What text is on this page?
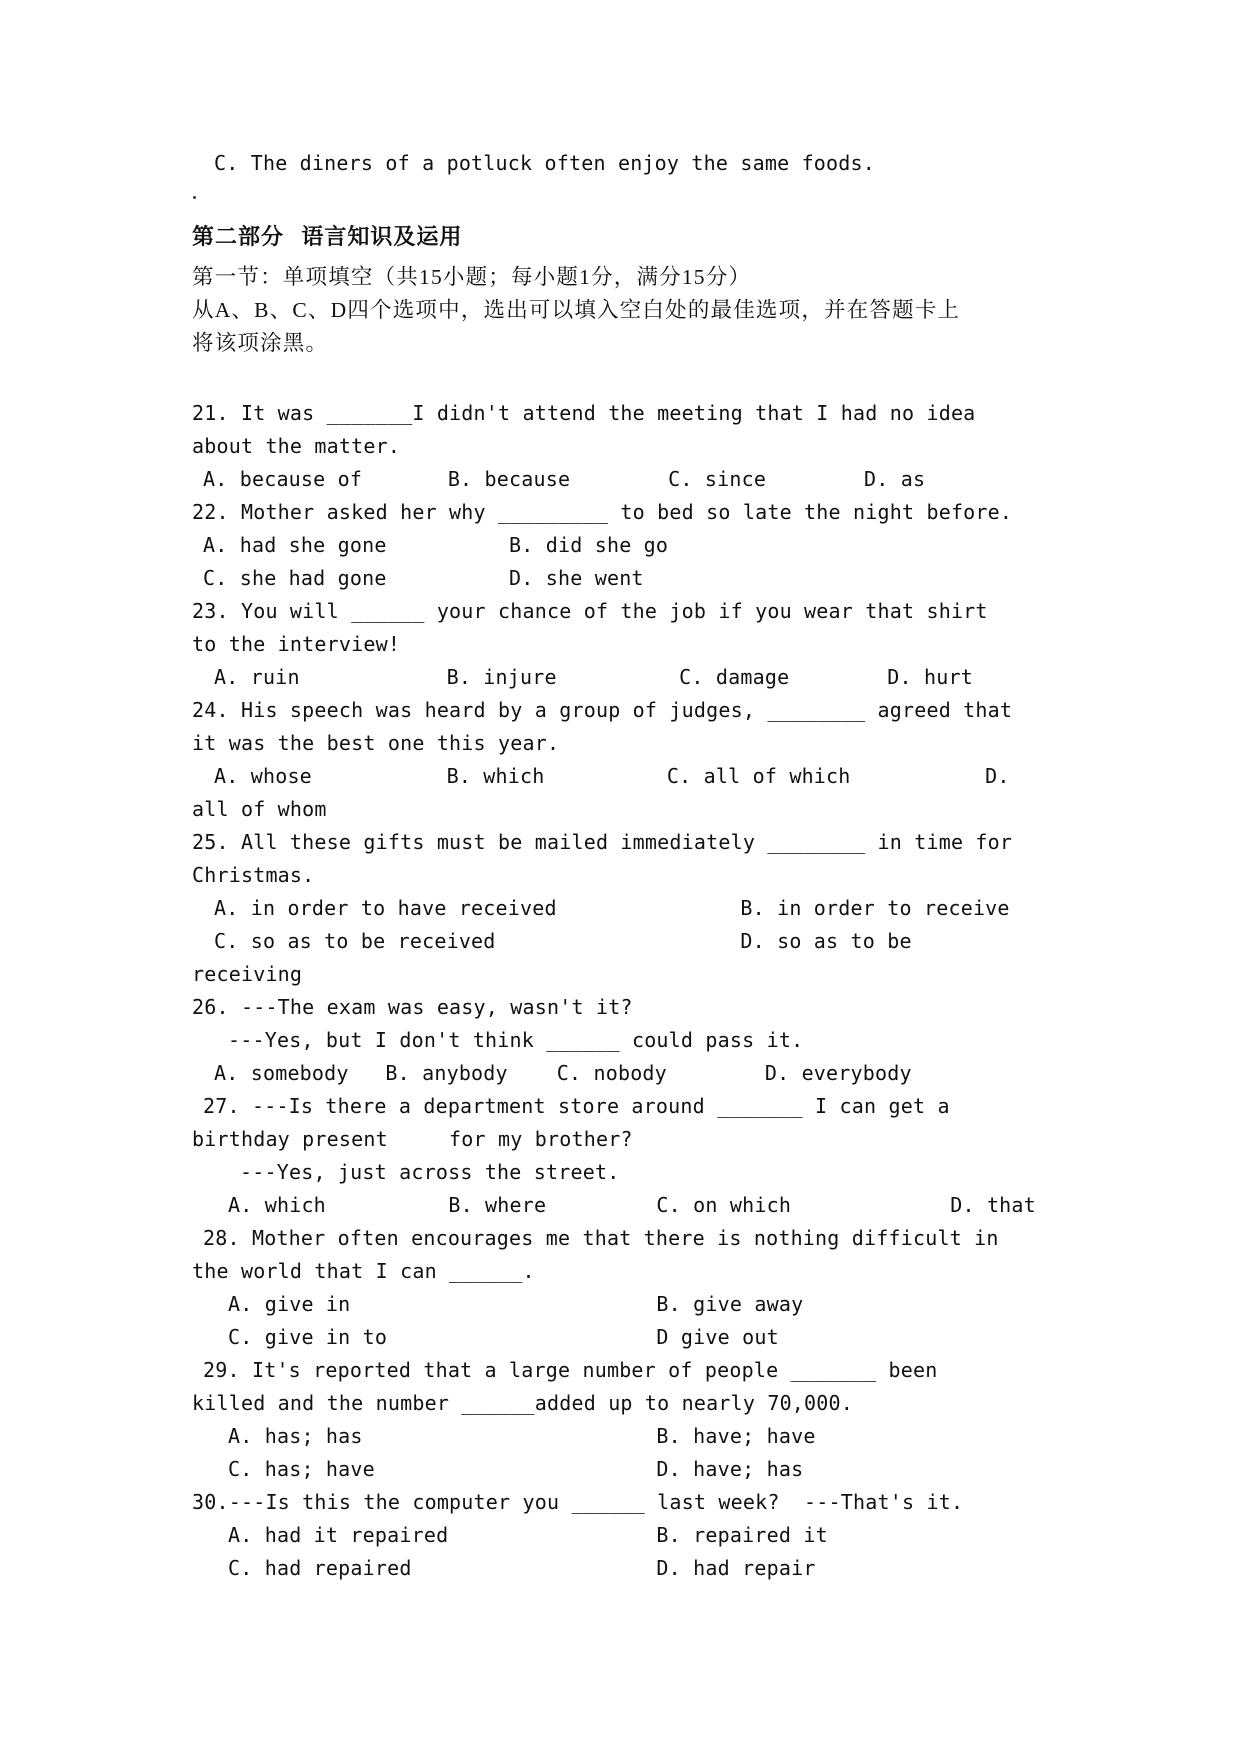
C. The diners of a potluck often enjoy the same foods.
第二部分  语言知识及运用
第一节：单项填空（共15小题；每小题1分，满分15分）
从A、B、C、D四个选项中，选出可以填入空白处的最佳选项，并在答题卡上
将该项涂黑。
21. It was _______I didn't attend the meeting that I had no idea
about the matter.
A. because of       B. because        C. since        D. as
22. Mother asked her why _________ to bed so late the night before.
A. had she gone          B. did she go
C. she had gone          D. she went
23. You will ______ your chance of the job if you wear that shirt
to the interview!
A. ruin            B. injure          C. damage        D. hurt
24. His speech was heard by a group of judges, ________ agreed that
it was the best one this year.
A. whose           B. which          C. all of which           D.
all of whom
25. All these gifts must be mailed immediately ________ in time for
Christmas.
A. in order to have received               B. in order to receive
C. so as to be received                    D. so as to be
receiving
26. ---The exam was easy, wasn't it?
---Yes, but I don't think ______ could pass it.
A. somebody   B. anybody    C. nobody        D. everybody
27. ---Is there a department store around _______ I can get a
birthday present     for my brother?
---Yes, just across the street.
A. which          B. where         C. on which             D. that
28. Mother often encourages me that there is nothing difficult in
the world that I can ______.
A. give in                         B. give away
C. give in to                      D give out
29. It's reported that a large number of people _______ been
killed and the number ______added up to nearly 70,000.
A. has; has                        B. have; have
C. has; have                       D. have; has
30.---Is this the computer you ______ last week?  ---That's it.
A. had it repaired                 B. repaired it
C. had repaired                    D. had repair
